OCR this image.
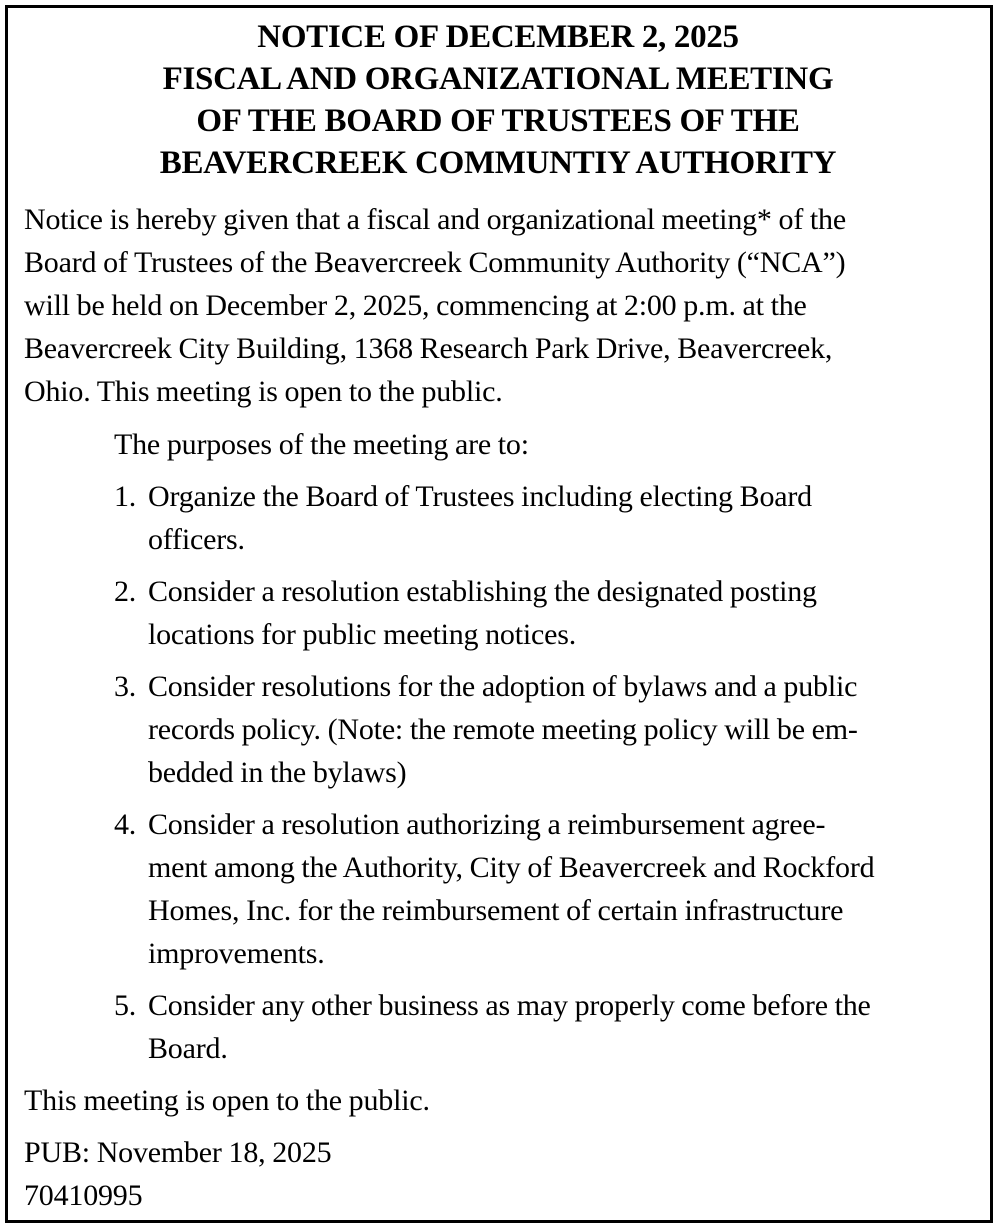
NOTICE OF DECEMBER 2, 2025
FISCAL AND ORGANIZATIONAL MEETING
OF THE BOARD OF TRUSTEES OF THE
BEAVERCREEK COMMUNTIY AUTHORITY
Notice is hereby given that a fiscal and organizational meeting* of the
Board of Trustees of the Beavercreek Community Authority (“NCA”)
will be held on December 2, 2025, commencing at 2:00 p.m. at the
Beavercreek City Building, 1368 Research Park Drive, Beavercreek,
Ohio. This meeting is open to the public.
The purposes of the meeting are to:
1. Organize the Board of Trustees including electing Board
officers.
2. Consider a resolution establishing the designated posting
locations for public meeting notices.
3. Consider resolutions for the adoption of bylaws and a public
records policy. (Note: the remote meeting policy will be em-
bedded in the bylaws)
4. Consider a resolution authorizing a reimbursement agree-
ment among the Authority, City of Beavercreek and Rockford
Homes, Inc. for the reimbursement of certain infrastructure
improvements.
5. Consider any other business as may properly come before the
Board.
This meeting is open to the public.
PUB: November 18, 2025
70410995
